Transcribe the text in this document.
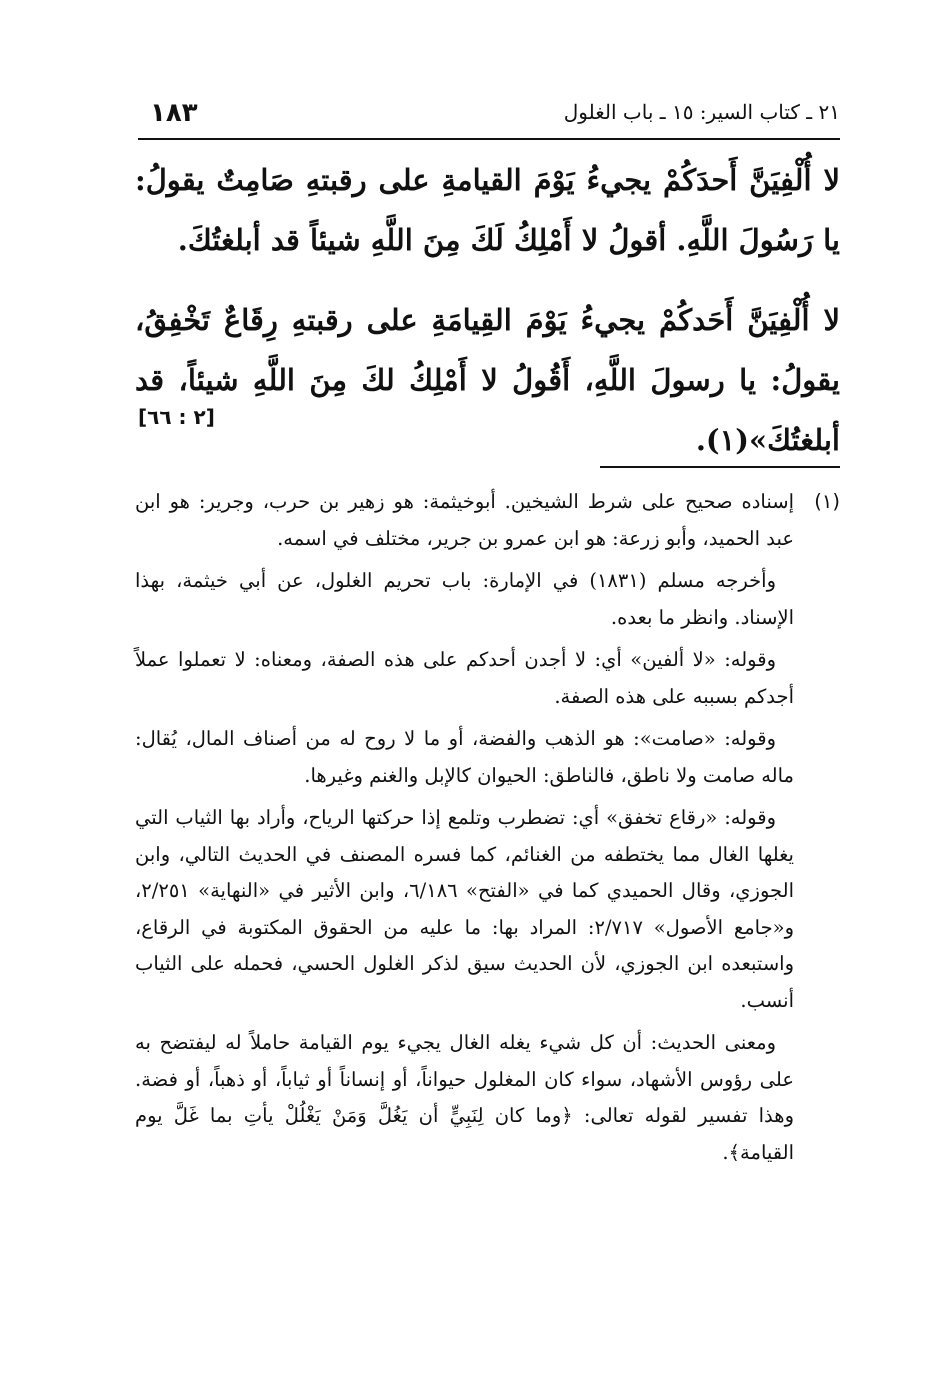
٢١ ـ كتاب السير: ١٥ ـ باب الغلول
١٨٣

لا أُلْفِيَنَّ أَحدَكُمْ يجيءُ يَوْمَ القيامةِ على رقبتهِ صَامِتٌ يقولُ: يا رَسُولَ اللَّهِ. أقولُ لا أَمْلِكُ لَكَ مِنَ اللَّهِ شيئاً قد أبلغتُكَ.

لا أُلْفِيَنَّ أَحَدكُمْ يجيءُ يَوْمَ القِيامَةِ على رقبتهِ رِقَاعٌ تَخْفِقُ، يقولُ: يا رسولَ اللَّهِ، أَقُولُ لا أَمْلِكُ لكَ مِنَ اللَّهِ شيئاً، قد أبلغتُكَ»(١).

[٢ : ٦٦]
(١)
إسناده صحيح على شرط الشيخين. أبوخيثمة: هو زهير بن حرب، وجرير: هو ابن عبد الحميد، وأبو زرعة: هو ابن عمرو بن جرير، مختلف في اسمه.
وأخرجه مسلم (١٨٣١) في الإمارة: باب تحريم الغلول، عن أبي خيثمة، بهذا الإسناد. وانظر ما بعده.
وقوله: «لا ألفين» أي: لا أجدن أحدكم على هذه الصفة، ومعناه: لا تعملوا عملاً أجدكم بسببه على هذه الصفة.
وقوله: «صامت»: هو الذهب والفضة، أو ما لا روح له من أصناف المال، يُقال: ماله صامت ولا ناطق، فالناطق: الحيوان كالإبل والغنم وغيرها.
وقوله: «رقاع تخفق» أي: تضطرب وتلمع إذا حركتها الرياح، وأراد بها الثياب التي يغلها الغال مما يختطفه من الغنائم، كما فسره المصنف في الحديث التالي، وابن الجوزي، وقال الحميدي كما في «الفتح» ٦/١٨٦، وابن الأثير في «النهاية» ٢/٢٥١، و«جامع الأصول» ٢/٧١٧: المراد بها: ما عليه من الحقوق المكتوبة في الرقاع، واستبعده ابن الجوزي، لأن الحديث سيق لذكر الغلول الحسي، فحمله على الثياب أنسب.
ومعنى الحديث: أن كل شيء يغله الغال يجيء يوم القيامة حاملاً له ليفتضح به على رؤوس الأشهاد، سواء كان المغلول حيواناً، أو إنساناً أو ثياباً، أو ذهباً، أو فضة. وهذا تفسير لقوله تعالى: ﴿وما كان لِنَبِيٍّ أن يَغُلَّ وَمَنْ يَغْلُلْ يأتِ بما غَلَّ يوم القيامة﴾.
